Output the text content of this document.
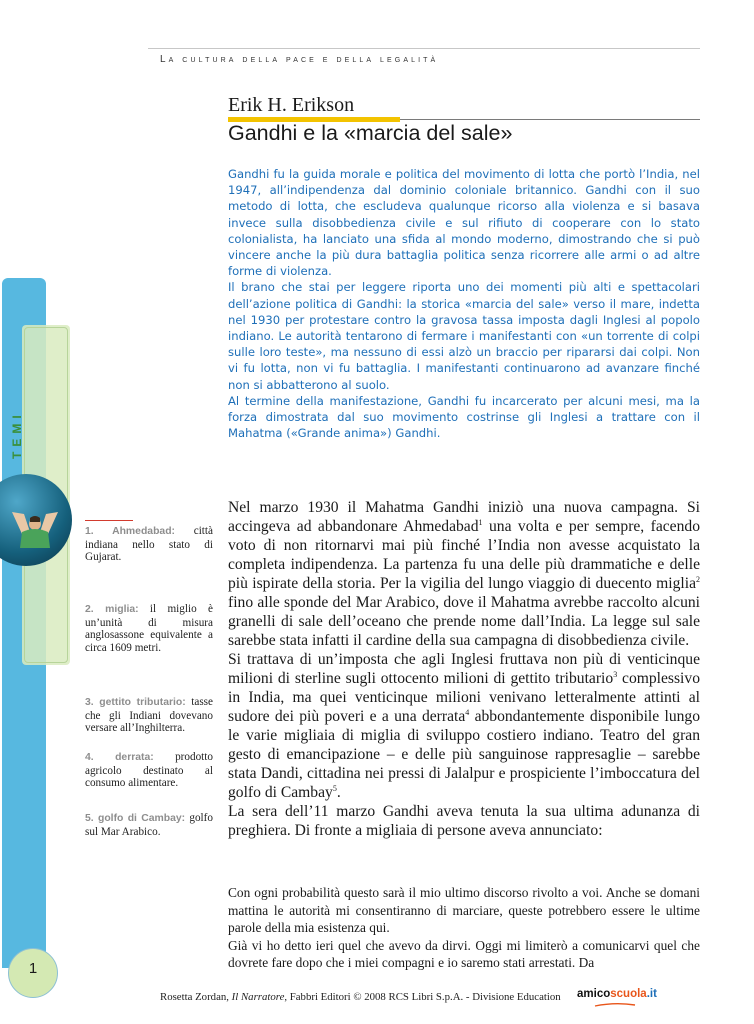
La cultura della pace e della legalità
Erik H. Erikson
Gandhi e la «marcia del sale»

Gandhi fu la guida morale e politica del movimento di lotta che portò l’India, nel 1947, all’indipendenza dal dominio coloniale britannico. Gandhi con il suo metodo di lotta, che escludeva qualunque ricorso alla violenza e si basava invece sulla disobbedienza civile e sul rifiuto di cooperare con lo stato colonialista, ha lanciato una sfida al mondo moderno, dimostrando che si può vincere anche la più dura battaglia politica senza ricorrere alle armi o ad altre forme di violenza.

Il brano che stai per leggere riporta uno dei momenti più alti e spettacolari dell’azione politica di Gandhi: la storica «marcia del sale» verso il mare, indetta nel 1930 per protestare contro la gravosa tassa imposta dagli Inglesi al popolo indiano. Le autorità tentarono di fermare i manifestanti con «un torrente di colpi sulle loro teste», ma nessuno di essi alzò un braccio per ripararsi dai colpi. Non vi fu lotta, non vi fu battaglia. I manifestanti continuarono ad avanzare finché non si abbatterono al suolo.

Al termine della manifestazione, Gandhi fu incarcerato per alcuni mesi, ma la forza dimostrata dal suo movimento costrinse gli Inglesi a trattare con il Mahatma («Grande anima») Gandhi.

Nel marzo 1930 il Mahatma Gandhi iniziò una nuova campagna. Si accingeva ad abbandonare Ahmedabad$^1$ una volta e per sempre, facendo voto di non ritornarvi mai più finché l’India non avesse acquistato la completa indipendenza. La partenza fu una delle più drammatiche e delle più ispirate della storia. Per la vigilia del lungo viaggio di duecento miglia$^2$ fino alle sponde del Mar Arabico, dove il Mahatma avrebbe raccolto alcuni granelli di sale dell’oceano che prende nome dall’India. La legge sul sale sarebbe stata infatti il cardine della sua campagna di disobbedienza civile.

Si trattava di un’imposta che agli Inglesi fruttava non più di venticinque milioni di sterline sugli ottocento milioni di gettito tributario$^3$ complessivo in India, ma quei venticinque milioni venivano letteralmente attinti al sudore dei più poveri e a una derrata$^4$ abbondantemente disponibile lungo le varie migliaia di miglia di sviluppo costiero indiano. Teatro del gran gesto di emancipazione – e delle più sanguinose rappresaglie – sarebbe stata Dandi, cittadina nei pressi di Jalalpur e prospiciente l’imboccatura del golfo di Cambay$^5$.

La sera dell’11 marzo Gandhi aveva tenuta la sua ultima adunanza di preghiera. Di fronte a migliaia di persone aveva annunciato:

Con ogni probabilità questo sarà il mio ultimo discorso rivolto a voi. Anche se domani mattina le autorità mi consentiranno di marciare, queste potrebbero essere le ultime parole della mia esistenza qui.

Già vi ho detto ieri quel che avevo da dirvi. Oggi mi limiterò a comunicarvi quel che dovrete fare dopo che i miei compagni e io saremo stati arrestati. Da

TEMI
1. Ahmedabad: città indiana nello stato di Gujarat.
2. miglia: il miglio è un’unità di misura anglosassone equivalente a circa 1609 metri.
3. gettito tributario: tasse che gli Indiani dovevano versare all’Inghilterra.
4. derrata: prodotto agricolo destinato al consumo alimentare.
5. golfo di Cambay: golfo sul Mar Arabico.
1
Rosetta Zordan, Il Narratore, Fabbri Editori © 2008 RCS Libri S.p.A. - Divisione Education amicoscuola.it
